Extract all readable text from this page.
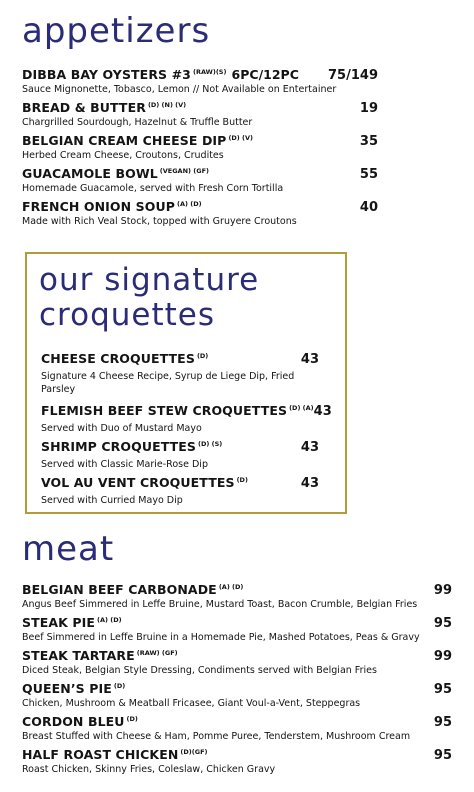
appetizers
DIBBA BAY OYSTERS #3 $^{(RAW)(S)}$ 6PC/12PC 75/149
Sauce Mignonette, Tobasco, Lemon // Not Available on Entertainer
BREAD & BUTTER $^{(D) (N) (V)}$	19
Chargrilled Sourdough, Hazelnut & Truffle Butter
BELGIAN CREAM CHEESE DIP $^{(D) (V)}$	35
Herbed Cream Cheese, Croutons, Crudites
GUACAMOLE BOWL $^{(VEGAN) (GF)}$	55
Homemade Guacamole, served with Fresh Corn Tortilla
FRENCH ONION SOUP $^{(A) (D)}$	40
Made with Rich Veal Stock, topped with Gruyere Croutons
our signature
croquettes
CHEESE CROQUETTES $^{(D)}$	43
Signature 4 Cheese Recipe, Syrup de Liege Dip, Fried Parsley
FLEMISH BEEF STEW CROQUETTES $^{(D) (A)}$ 43
Served with Duo of Mustard Mayo
SHRIMP CROQUETTES $^{(D) (S)}$	43
Served with Classic Marie-Rose Dip
VOL AU VENT CROQUETTES $^{(D)}$	43
Served with Curried Mayo Dip
meat
BELGIAN BEEF CARBONADE $^{(A) (D)}$	99
Angus Beef Simmered in Leffe Bruine, Mustard Toast, Bacon Crumble, Belgian Fries
STEAK PIE $^{(A) (D)}$	95
Beef Simmered in Leffe Bruine in a Homemade Pie, Mashed Potatoes, Peas & Gravy
STEAK TARTARE $^{(RAW) (GF)}$	99
Diced Steak, Belgian Style Dressing, Condiments served with Belgian Fries
QUEEN’S PIE $^{(D)}$	95
Chicken, Mushroom & Meatball Fricasee, Giant Voul-a-Vent, Steppegras
CORDON BLEU $^{(D)}$	95
Breast Stuffed with Cheese & Ham, Pomme Puree, Tenderstem, Mushroom Cream
HALF ROAST CHICKEN $^{(D)(GF)}$	95
Roast Chicken, Skinny Fries, Coleslaw, Chicken Gravy
